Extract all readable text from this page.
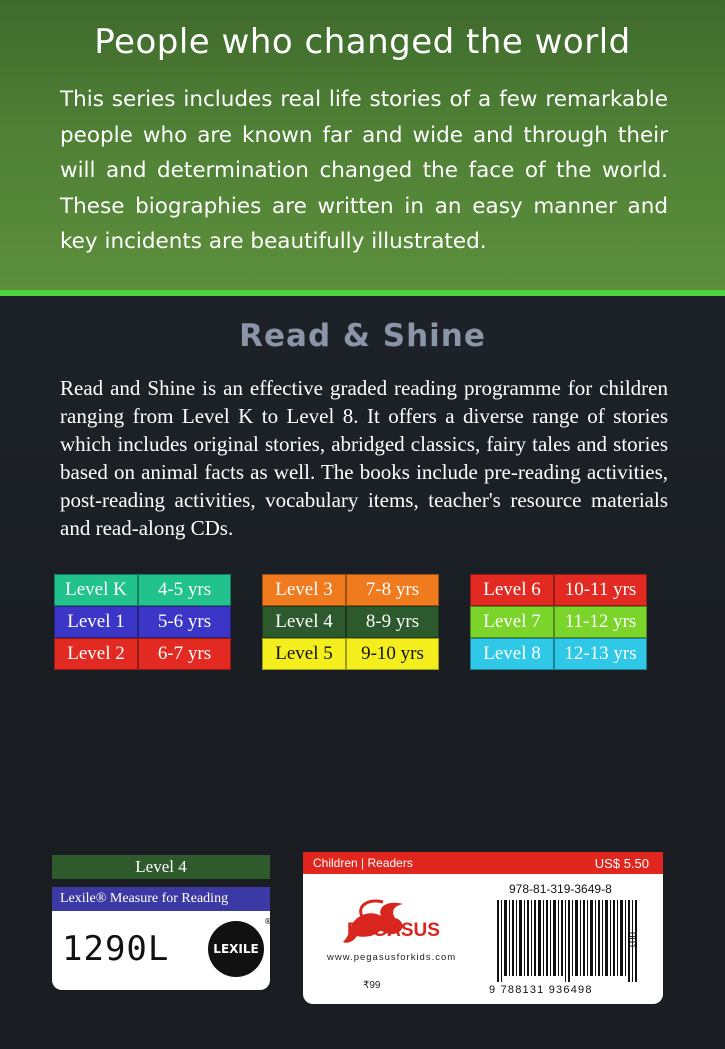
People who changed the world
This series includes real life stories of a few remarkable people who are known far and wide and through their will and determination changed the face of the world. These biographies are written in an easy manner and key incidents are beautifully illustrated.
Read & Shine
Read and Shine is an effective graded reading programme for children ranging from Level K to Level 8. It offers a diverse range of stories which includes original stories, abridged classics, fairy tales and stories based on animal facts as well. The books include pre-reading activities, post-reading activities, vocabulary items, teacher's resource materials and read-along CDs.
Level K	4-5 yrs
Level 1	5-6 yrs
Level 2	6-7 yrs
Level 3	7-8 yrs
Level 4	8-9 yrs
Level 5	9-10 yrs
Level 6	10-11 yrs
Level 7	11-12 yrs
Level 8	12-13 yrs
Level 4
Lexile® Measure for Reading
1290L	LEXILE
®
Children | Readers	US$ 5.50
978-81-319-3649-8
PEGASUS
www.pegasusforkids.com
₹99	9 788131 936498
001
